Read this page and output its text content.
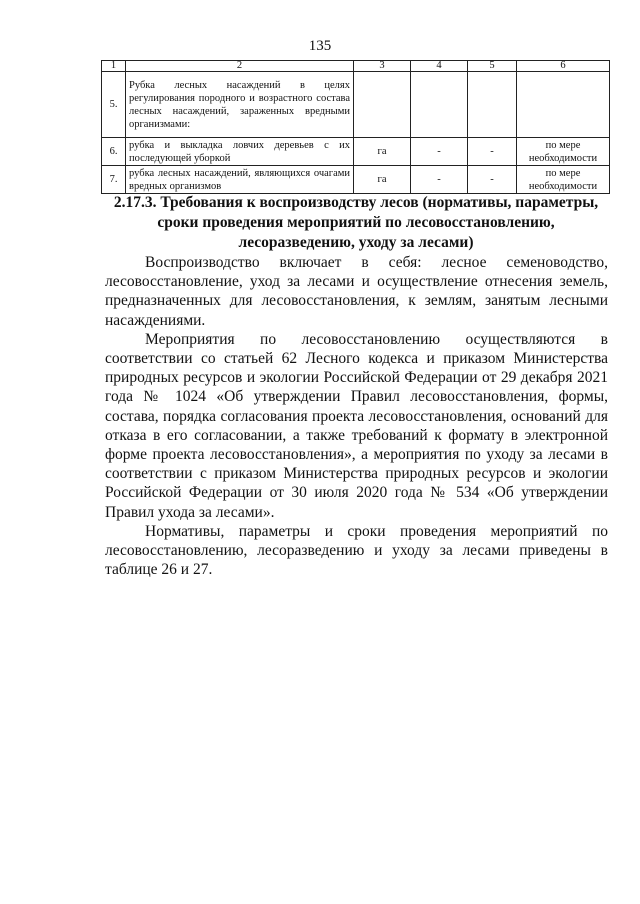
135
1	2	3	4	5	6
5.	Рубка лесных насаждений в целях регулирования породного и возрастного состава лесных насаждений, зараженных вредными организмами:				
6.	рубка и выкладка ловчих деревьев с их последующей уборкой	га	-	-	по мере необходимости
7.	рубка лесных насаждений, являющихся очагами вредных организмов	га	-	-	по мере необходимости
2.17.3. Требования к воспроизводству лесов (нормативы, параметры, сроки проведения мероприятий по лесовосстановлению, лесоразведению, уходу за лесами)

Воспроизводство включает в себя: лесное семеноводство, лесовосстановление, уход за лесами и осуществление отнесения земель, предназначенных для лесовосстановления, к землям, занятым лесными насаждениями.

Мероприятия по лесовосстановлению осуществляются в соответствии со статьей 62 Лесного кодекса и приказом Министерства природных ресурсов и экологии Российской Федерации от 29 декабря 2021 года № 1024 «Об утверждении Правил лесовосстановления, формы, состава, порядка согласования проекта лесовосстановления, оснований для отказа в его согласовании, а также требований к формату в электронной форме проекта лесовосстановления», а мероприятия по уходу за лесами в соответствии с приказом Министерства природных ресурсов и экологии Российской Федерации от 30 июля 2020 года № 534 «Об утверждении Правил ухода за лесами».

Нормативы, параметры и сроки проведения мероприятий по лесовосстановлению, лесоразведению и уходу за лесами приведены в таблице 26 и 27.
